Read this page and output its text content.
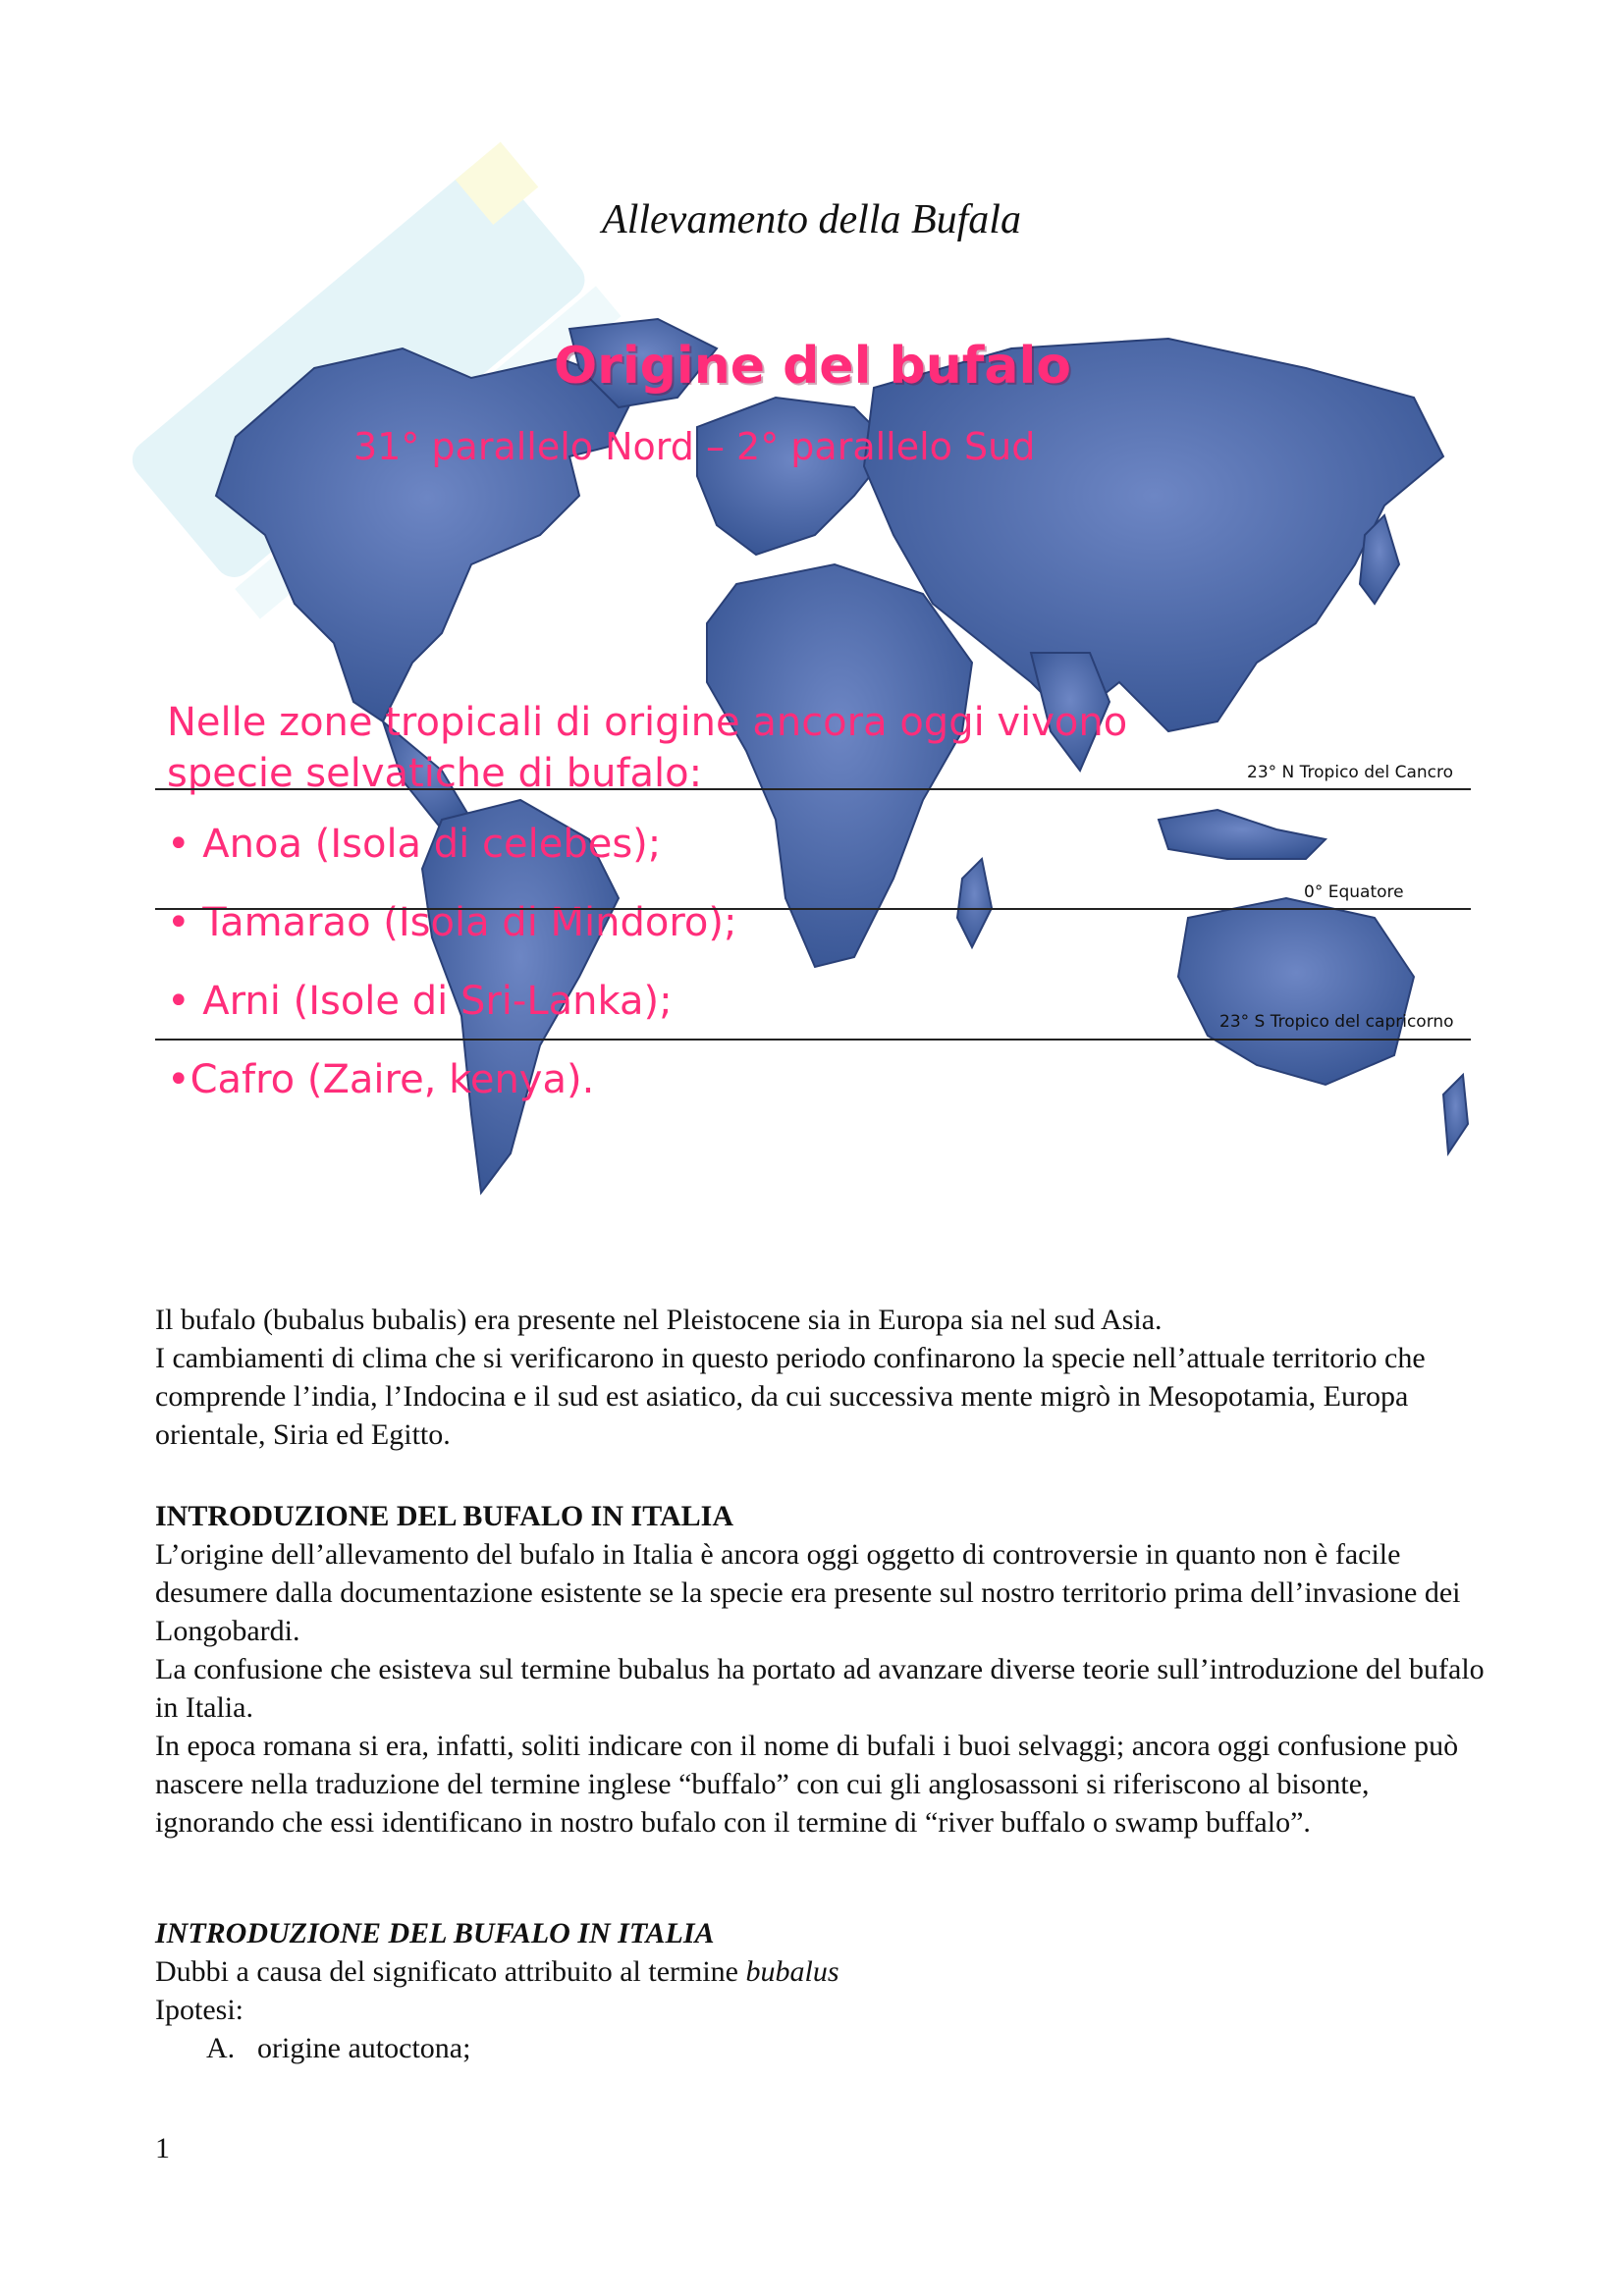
Allevamento della Bufala
Origine del bufalo
31° parallelo Nord – 2° parallelo Sud
Nelle zone tropicali di origine ancora oggi vivono specie selvatiche di bufalo:
• Anoa (Isola di celebes);
• Tamarao (Isola di Mindoro);
• Arni (Isole di Sri-Lanka);
•Cafro (Zaire, kenya).
23° N Tropico del Cancro
0° Equatore
23° S Tropico del capricorno

Il bufalo (bubalus bubalis) era presente nel Pleistocene sia in Europa sia nel sud Asia.

I cambiamenti di clima che si verificarono in questo periodo confinarono la specie nell’attuale territorio che comprende l’india, l’Indocina e il sud est asiatico, da cui successiva mente migrò in Mesopotamia, Europa orientale, Siria ed Egitto.

INTRODUZIONE DEL BUFALO IN ITALIA

L’origine dell’allevamento del bufalo in Italia è ancora oggi oggetto di controversie in quanto non è facile desumere dalla documentazione esistente se la specie era presente sul nostro territorio prima dell’invasione dei Longobardi.

La confusione che esisteva sul termine bubalus ha portato ad avanzare diverse teorie sull’introduzione del bufalo in Italia.

In epoca romana si era, infatti, soliti indicare con il nome di bufali i buoi selvaggi; ancora oggi confusione può nascere nella traduzione del termine inglese “buffalo” con cui gli anglosassoni si riferiscono al bisonte, ignorando che essi identificano in nostro bufalo con il termine di “river buffalo o swamp buffalo”.

INTRODUZIONE DEL BUFALO IN ITALIA

Dubbi a causa del significato attribuito al termine bubalus

Ipotesi:

A. origine autoctona;
1
